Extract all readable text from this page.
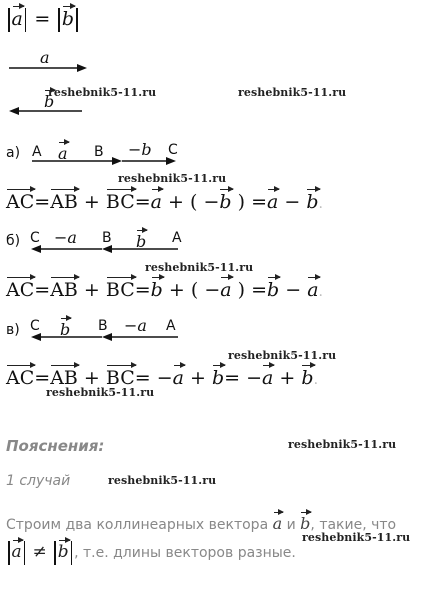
a = b
a
b
reshebnik5-11.ru	reshebnik5-11.ru
а) A a B −b C
reshebnik5-11.ru
AC=AB + BC=a + ( −b ) =a − b.
б) C −a B b A
reshebnik5-11.ru
AC=AB + BC=b + ( −a ) =b − a.
в) C b B −a A
reshebnik5-11.ru
AC=AB + BC= −a + b= −a + b.
reshebnik5-11.ru
Пояснения:	reshebnik5-11.ru
1 случай	reshebnik5-11.ru
Строим два коллинеарных вектора a и b, такие, что
reshebnik5-11.ru
a ≠ b , т.е. длины векторов разные.
